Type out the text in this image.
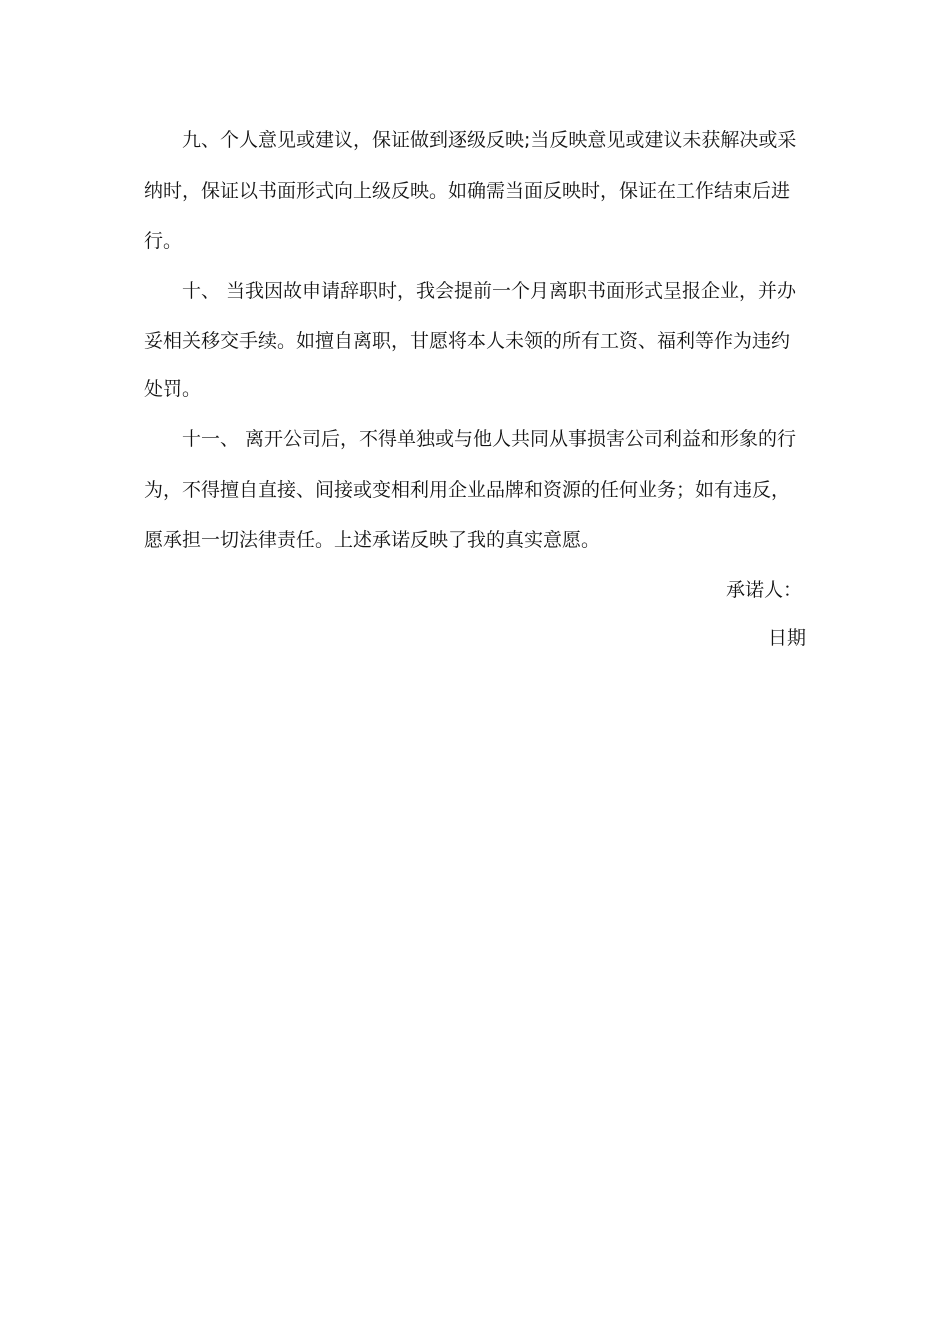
九、个人意见或建议，保证做到逐级反映;当反映意见或建议未获解决或采
纳时，保证以书面形式向上级反映。如确需当面反映时，保证在工作结束后进
行。
十、 当我因故申请辞职时，我会提前一个月离职书面形式呈报企业，并办
妥相关移交手续。如擅自离职，甘愿将本人未领的所有工资、福利等作为违约
处罚。
十一、 离开公司后，不得单独或与他人共同从事损害公司利益和形象的行
为，不得擅自直接、间接或变相利用企业品牌和资源的任何业务；如有违反，
愿承担一切法律责任。上述承诺反映了我的真实意愿。
承诺人：
日期
